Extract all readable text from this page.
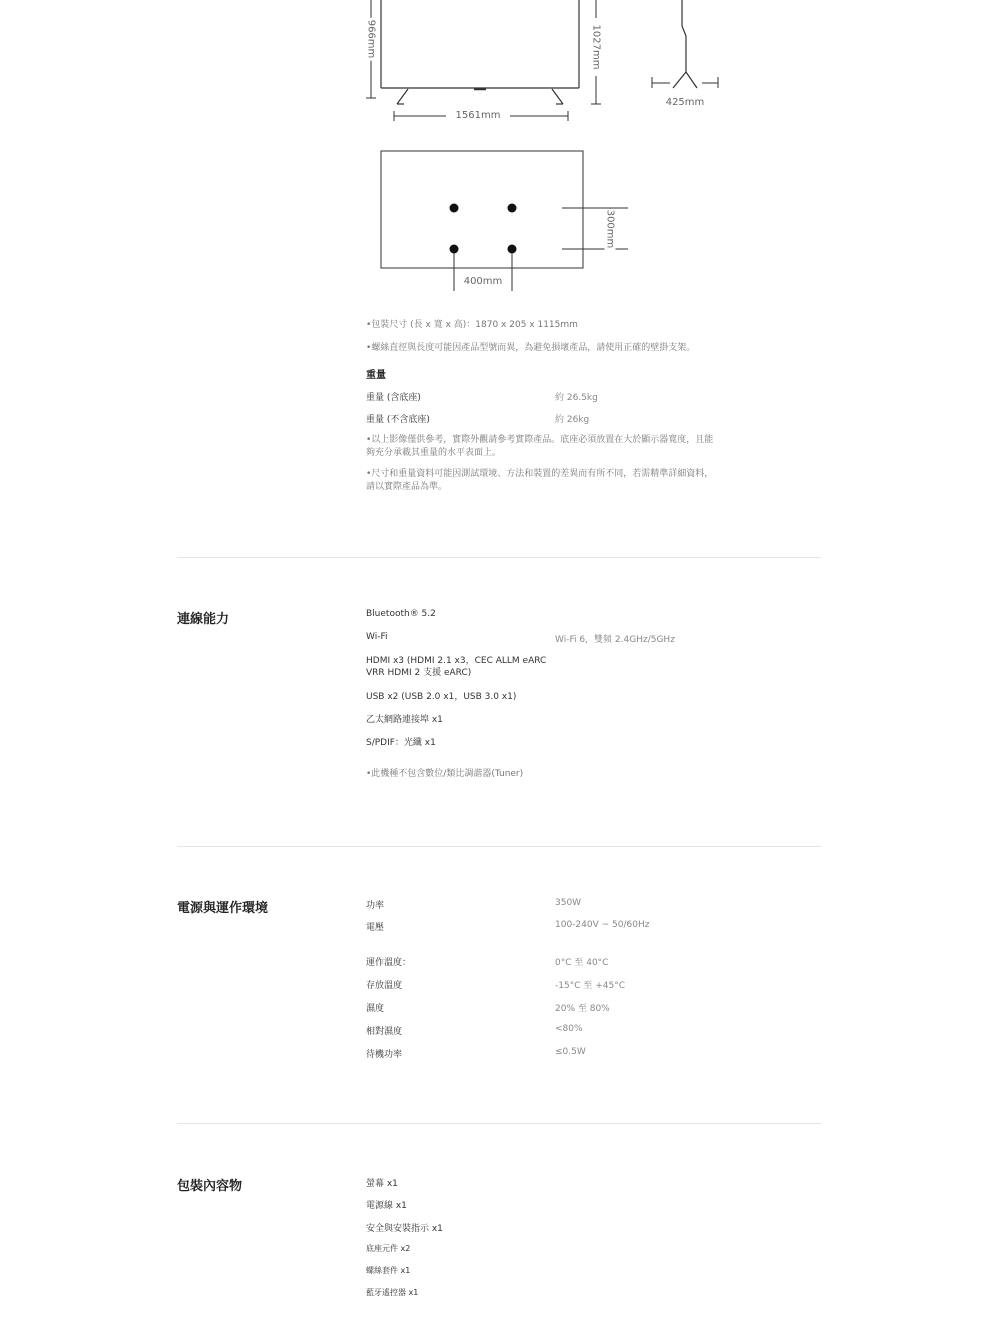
966mm	1027mm
1561mm
425mm
400mm
300mm
•包裝尺寸 (長 x 寬 x 高)：1870 x 205 x 1115mm
•螺絲直徑與長度可能因產品型號而異，為避免損壞產品，請使用正確的壁掛支架。
重量
重量 (含底座)	約 26.5kg
重量 (不含底座)	約 26kg
•以上影像僅供參考，實際外觀請參考實際產品。底座必須放置在大於顯示器寬度，且能
夠充分承載其重量的水平表面上。
•尺寸和重量資料可能因測試環境、方法和裝置的差異而有所不同，若需精準詳細資料，
請以實際產品為準。
連線能力	Bluetooth® 5.2
Wi-Fi	Wi-Fi 6，雙頻 2.4GHz/5GHz
HDMI x3 (HDMI 2.1 x3，CEC ALLM eARC
VRR HDMI 2 支援 eARC)
USB x2 (USB 2.0 x1，USB 3.0 x1)
乙太網路連接埠 x1
S/PDIF：光纖 x1
•此機種不包含數位/類比調諧器(Tuner)
電源與運作環境	功率	350W
電壓	100-240V ~ 50/60Hz
運作溫度：	0°C 至 40°C
存放溫度	-15°C 至 +45°C
濕度	20% 至 80%
相對濕度	<80%
待機功率	≤0.5W
包裝內容物	螢幕 x1
電源線 x1
安全與安裝指示 x1
底座元件 x2
螺絲套件 x1
藍牙遙控器 x1
